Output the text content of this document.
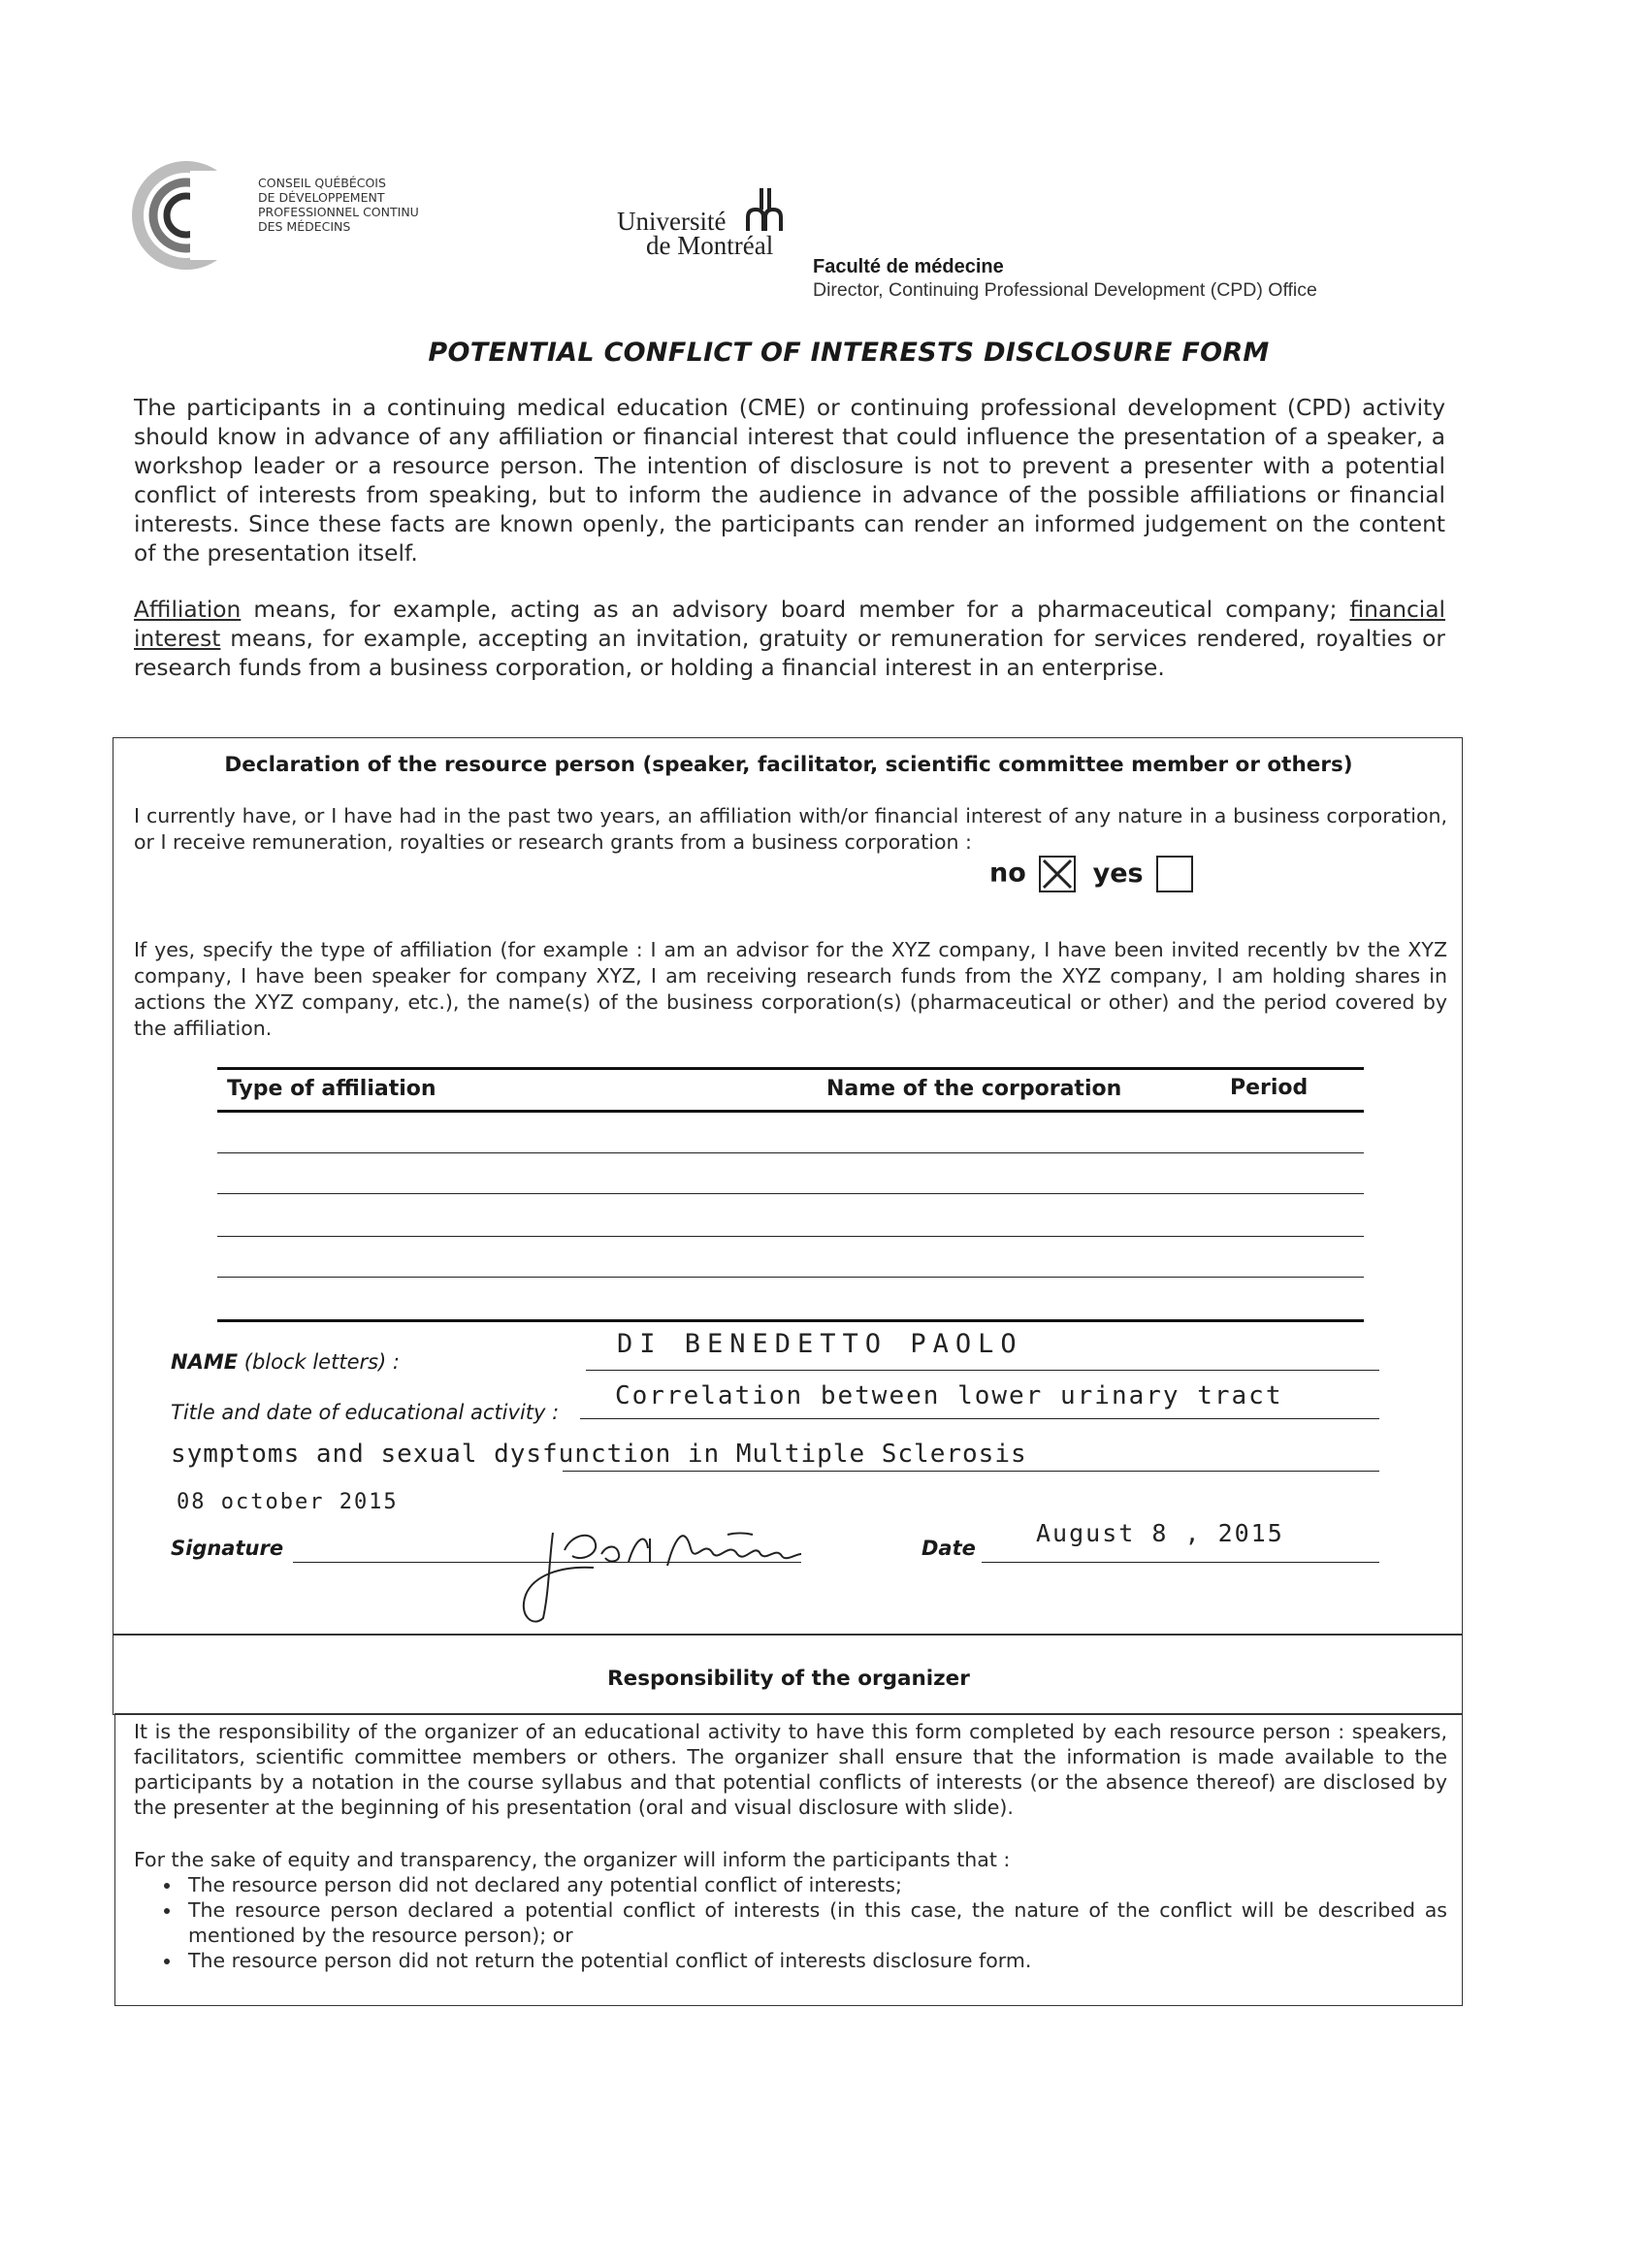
CONSEIL QUÉBÉCOIS
DE DÉVELOPPEMENT
PROFESSIONNEL CONTINU
DES MÉDECINS	Université
de Montréal
Faculté de médecine
Director, Continuing Professional Development (CPD) Office
POTENTIAL CONFLICT OF INTERESTS DISCLOSURE FORM
The participants in a continuing medical education (CME) or continuing professional development (CPD) activity should know in advance of any affiliation or financial interest that could influence the presentation of a speaker, a workshop leader or a resource person. The intention of disclosure is not to prevent a presenter with a potential conflict of interests from speaking, but to inform the audience in advance of the possible affiliations or financial interests. Since these facts are known openly, the participants can render an informed judgement on the content of the presentation itself.
Affiliation means, for example, acting as an advisory board member for a pharmaceutical company; financial interest means, for example, accepting an invitation, gratuity or remuneration for services rendered, royalties or research funds from a business corporation, or holding a financial interest in an enterprise.
Declaration of the resource person (speaker, facilitator, scientific committee member or others)
I currently have, or I have had in the past two years, an affiliation with/or financial interest of any nature in a business corporation, or I receive remuneration, royalties or research grants from a business corporation :
no	yes
If yes, specify the type of affiliation (for example : I am an advisor for the XYZ company, I have been invited recently bv the XYZ company, I have been speaker for company XYZ, I am receiving research funds from the XYZ company, I am holding shares in actions the XYZ company, etc.), the name(s) of the business corporation(s) (pharmaceutical or other) and the period covered by the affiliation.
Type of affiliation	Name of the corporation	Period
NAME (block letters) :
DI BENEDETTO PAOLO
Title and date of educational activity :
Correlation between lower urinary tract
symptoms and sexual dysfunction in Multiple Sclerosis
08 october 2015
Signature	Date
August 8 , 2015
Responsibility of the organizer
It is the responsibility of the organizer of an educational activity to have this form completed by each resource person : speakers, facilitators, scientific committee members or others. The organizer shall ensure that the information is made available to the participants by a notation in the course syllabus and that potential conflicts of interests (or the absence thereof) are disclosed by the presenter at the beginning of his presentation (oral and visual disclosure with slide).
For the sake of equity and transparency, the organizer will inform the participants that :
• The resource person did not declared any potential conflict of interests;
• The resource person declared a potential conflict of interests (in this case, the nature of the conflict will be described as mentioned by the resource person); or
• The resource person did not return the potential conflict of interests disclosure form.
